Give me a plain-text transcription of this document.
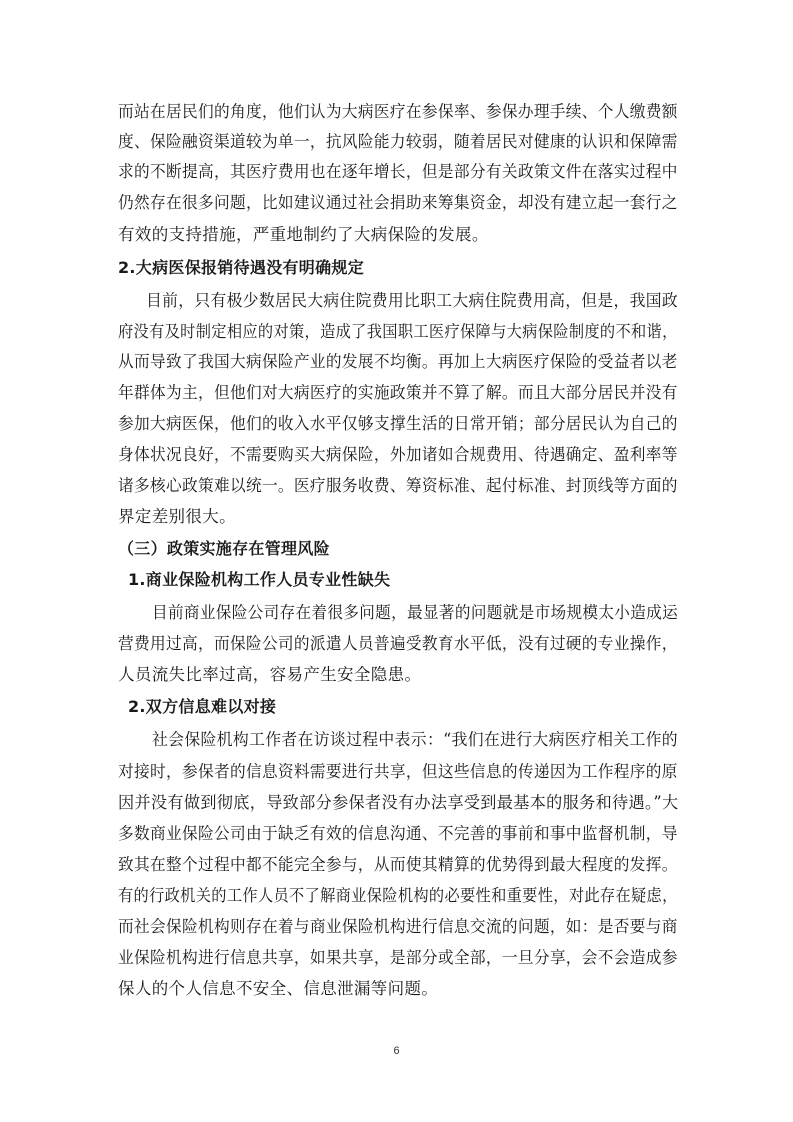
而站在居民们的角度，他们认为大病医疗在参保率、参保办理手续、个人缴费额
度、保险融资渠道较为单一，抗风险能力较弱，随着居民对健康的认识和保障需
求的不断提高，其医疗费用也在逐年增长，但是部分有关政策文件在落实过程中
仍然存在很多问题，比如建议通过社会捐助来筹集资金，却没有建立起一套行之
有效的支持措施，严重地制约了大病保险的发展。
2.大病医保报销待遇没有明确规定
目前，只有极少数居民大病住院费用比职工大病住院费用高，但是，我国政
府没有及时制定相应的对策，造成了我国职工医疗保障与大病保险制度的不和谐，
从而导致了我国大病保险产业的发展不均衡。再加上大病医疗保险的受益者以老
年群体为主，但他们对大病医疗的实施政策并不算了解。而且大部分居民并没有
参加大病医保，他们的收入水平仅够支撑生活的日常开销；部分居民认为自己的
身体状况良好，不需要购买大病保险，外加诸如合规费用、待遇确定、盈利率等
诸多核心政策难以统一。医疗服务收费、筹资标准、起付标准、封顶线等方面的
界定差别很大。
（三）政策实施存在管理风险
1.商业保险机构工作人员专业性缺失
目前商业保险公司存在着很多问题，最显著的问题就是市场规模太小造成运
营费用过高，而保险公司的派遣人员普遍受教育水平低，没有过硬的专业操作，
人员流失比率过高，容易产生安全隐患。
2.双方信息难以对接
社会保险机构工作者在访谈过程中表示：“我们在进行大病医疗相关工作的
对接时，参保者的信息资料需要进行共享，但这些信息的传递因为工作程序的原
因并没有做到彻底，导致部分参保者没有办法享受到最基本的服务和待遇。”大
多数商业保险公司由于缺乏有效的信息沟通、不完善的事前和事中监督机制，导
致其在整个过程中都不能完全参与，从而使其精算的优势得到最大程度的发挥。
有的行政机关的工作人员不了解商业保险机构的必要性和重要性，对此存在疑虑，
而社会保险机构则存在着与商业保险机构进行信息交流的问题，如：是否要与商
业保险机构进行信息共享，如果共享，是部分或全部，一旦分享，会不会造成参
保人的个人信息不安全、信息泄漏等问题。
6
